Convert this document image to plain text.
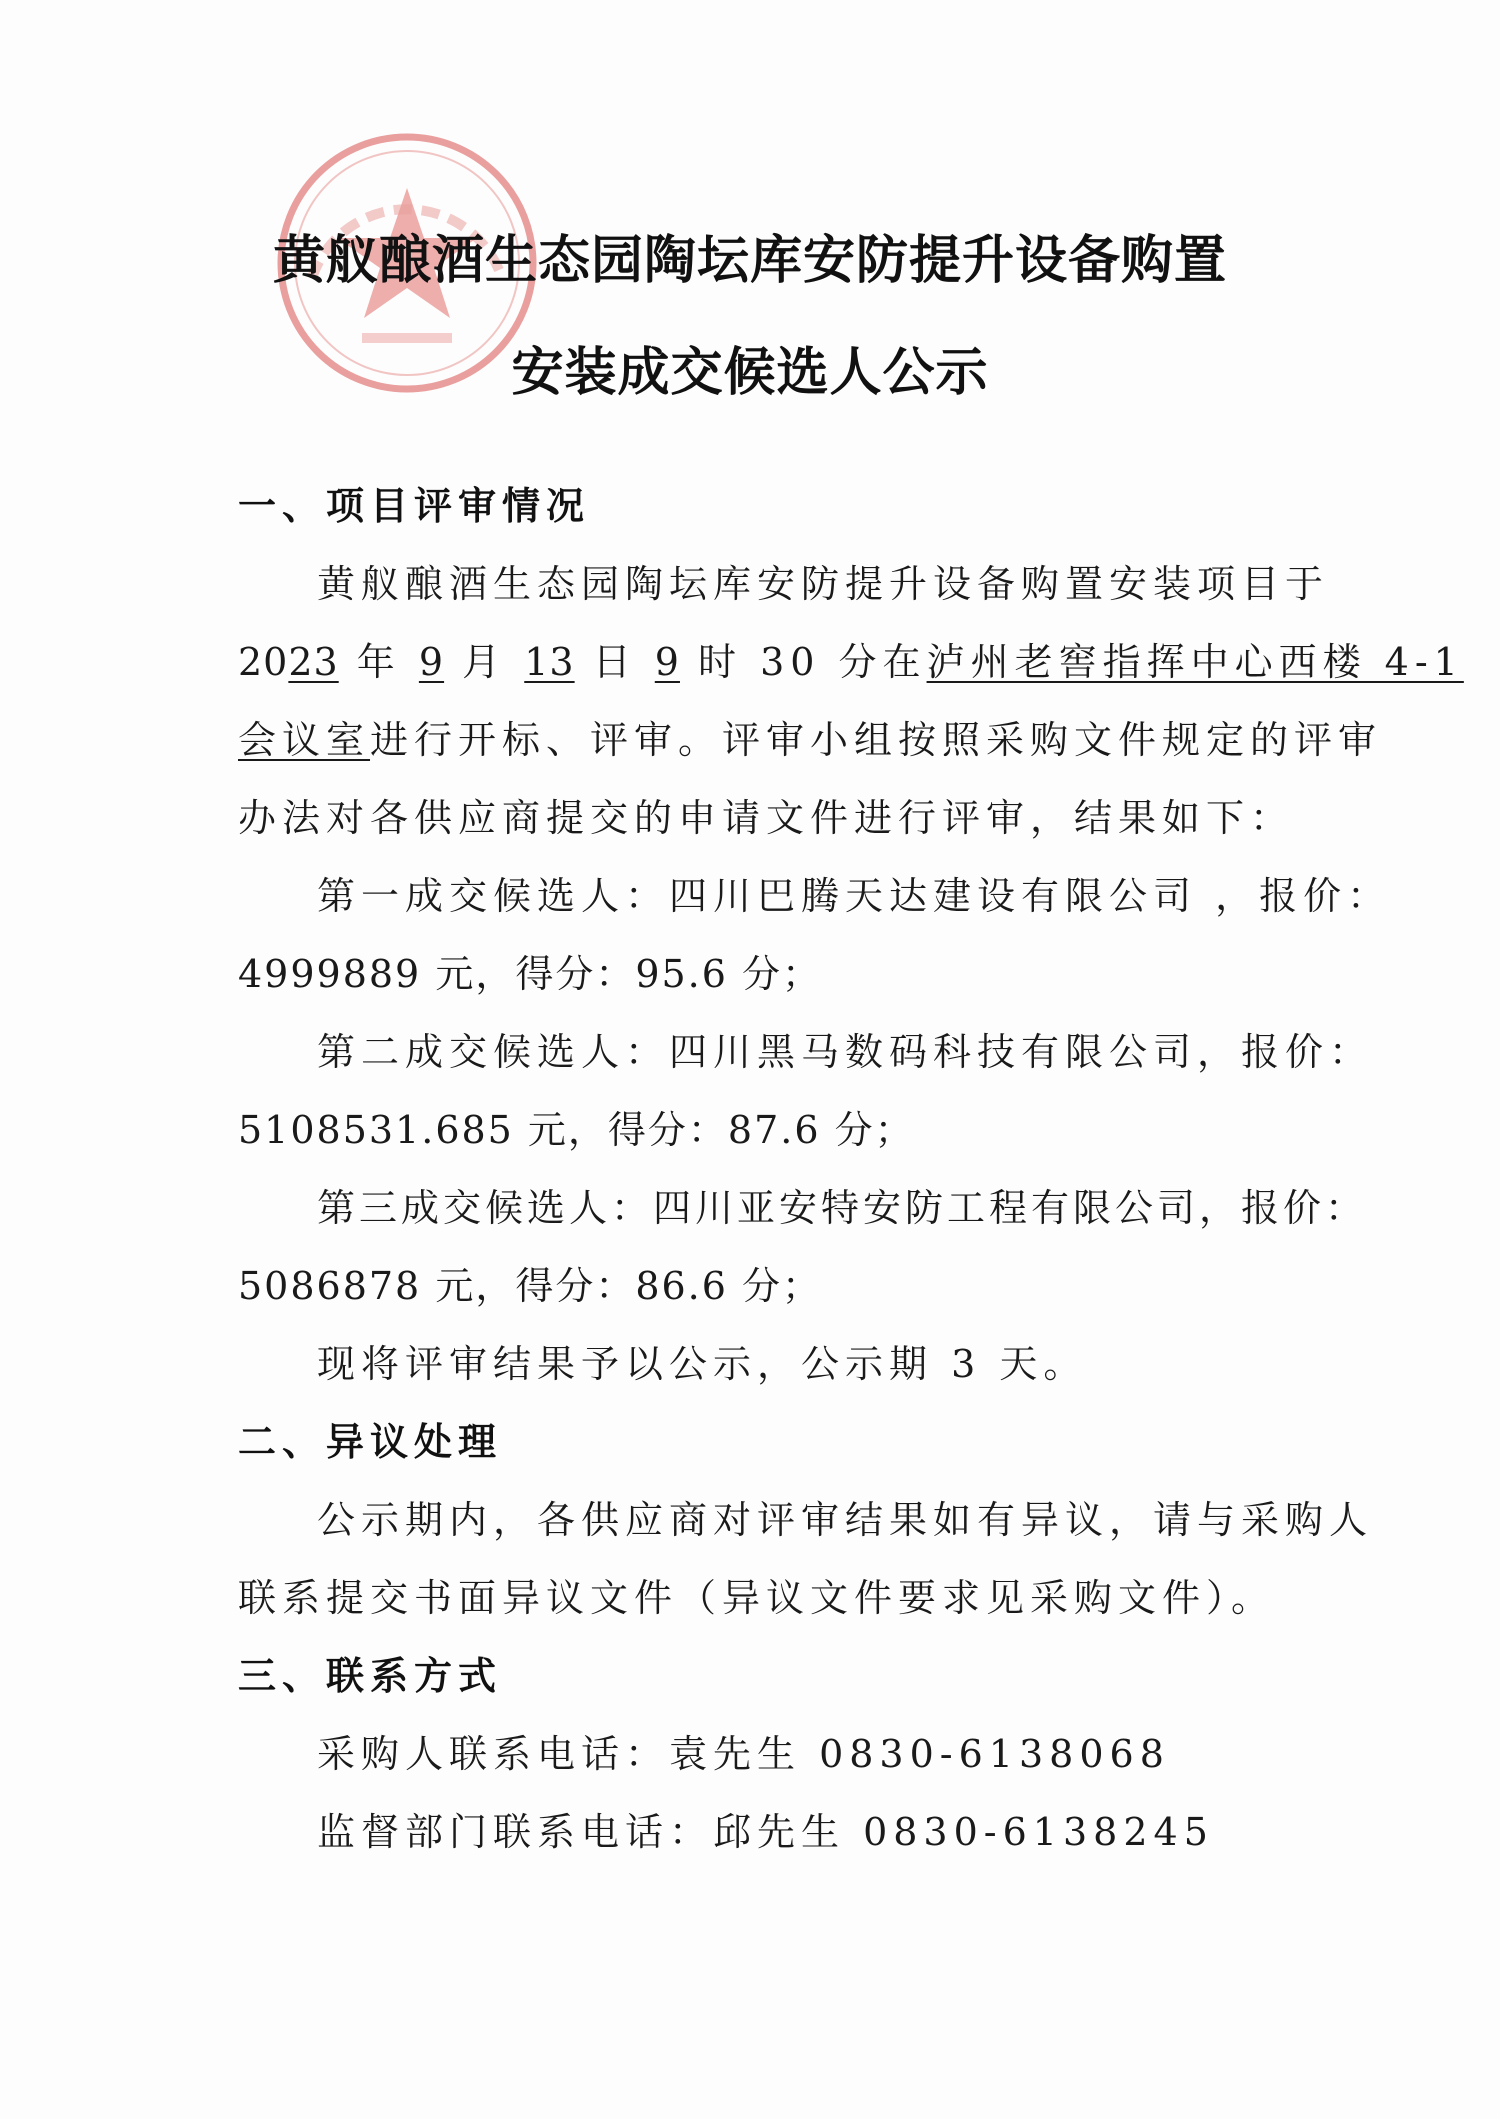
黄舣酿酒生态园陶坛库安防提升设备购置
安装成交候选人公示
一、项目评审情况
黄舣酿酒生态园陶坛库安防提升设备购置安装项目于
2023 年 9 月 13 日 9 时 30 分在泸州老窖指挥中心西楼 4-1
会议室进行开标、评审。评审小组按照采购文件规定的评审
办法对各供应商提交的申请文件进行评审，结果如下：
第一成交候选人：四川巴腾天达建设有限公司 ，报价：
4999889 元，得分：95.6 分；
第二成交候选人：四川黑马数码科技有限公司，报价：
5108531.685 元，得分：87.6 分；
第三成交候选人：四川亚安特安防工程有限公司，报价：
5086878 元，得分：86.6 分；
现将评审结果予以公示，公示期 3 天。
二、异议处理
公示期内，各供应商对评审结果如有异议，请与采购人
联系提交书面异议文件（异议文件要求见采购文件）。
三、联系方式
采购人联系电话：袁先生 0830-6138068
监督部门联系电话：邱先生 0830-6138245
